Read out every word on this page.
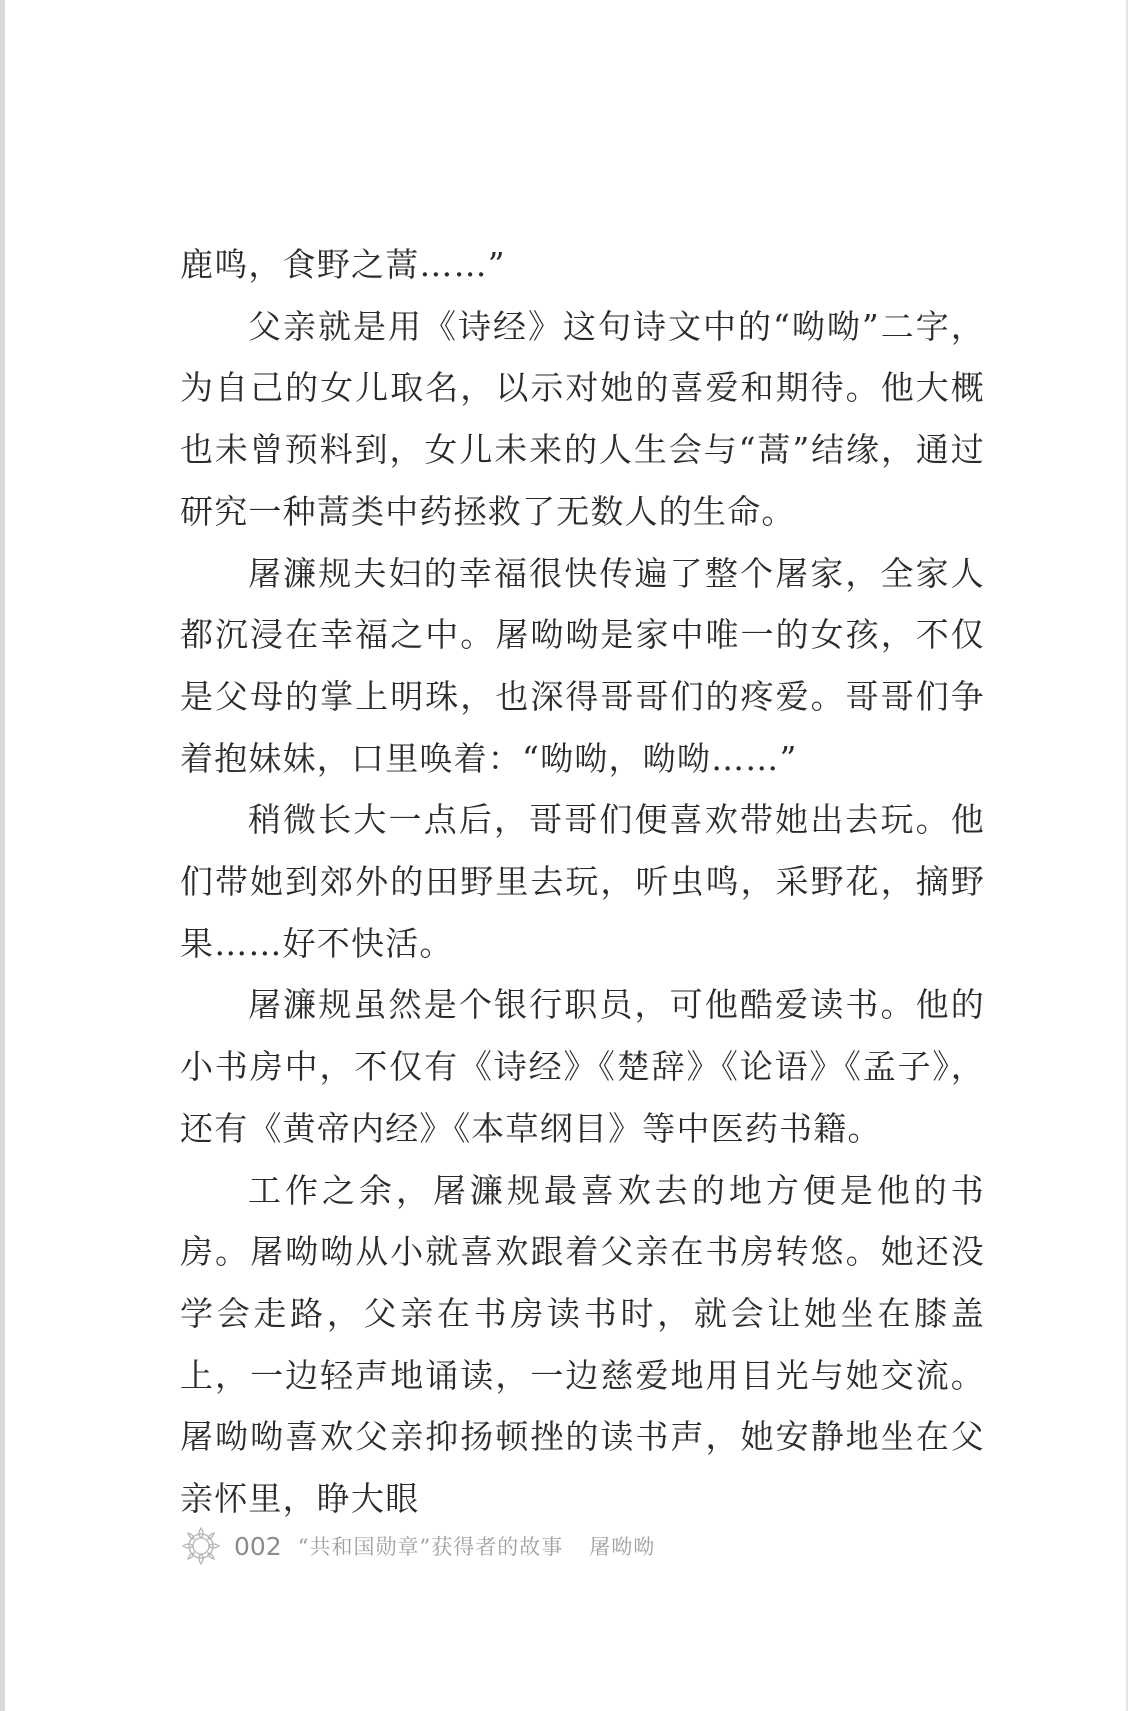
鹿鸣，食野之蒿……”

父亲就是用《诗经》这句诗文中的“呦呦”二字，为自己的女儿取名，以示对她的喜爱和期待。他大概也未曾预料到，女儿未来的人生会与“蒿”结缘，通过研究一种蒿类中药拯救了无数人的生命。

屠濂规夫妇的幸福很快传遍了整个屠家，全家人都沉浸在幸福之中。屠呦呦是家中唯一的女孩，不仅是父母的掌上明珠，也深得哥哥们的疼爱。哥哥们争着抱妹妹，口里唤着：“呦呦，呦呦……”

稍微长大一点后，哥哥们便喜欢带她出去玩。他们带她到郊外的田野里去玩，听虫鸣，采野花，摘野果……好不快活。

屠濂规虽然是个银行职员，可他酷爱读书。他的小书房中，不仅有《诗经》《楚辞》《论语》《孟子》，还有《黄帝内经》《本草纲目》等中医药书籍。

工作之余，屠濂规最喜欢去的地方便是他的书房。屠呦呦从小就喜欢跟着父亲在书房转悠。她还没学会走路，父亲在书房读书时，就会让她坐在膝盖上，一边轻声地诵读，一边慈爱地用目光与她交流。屠呦呦喜欢父亲抑扬顿挫的读书声，她安静地坐在父亲怀里，睁大眼

002 “共和国勋章”获得者的故事 屠呦呦
